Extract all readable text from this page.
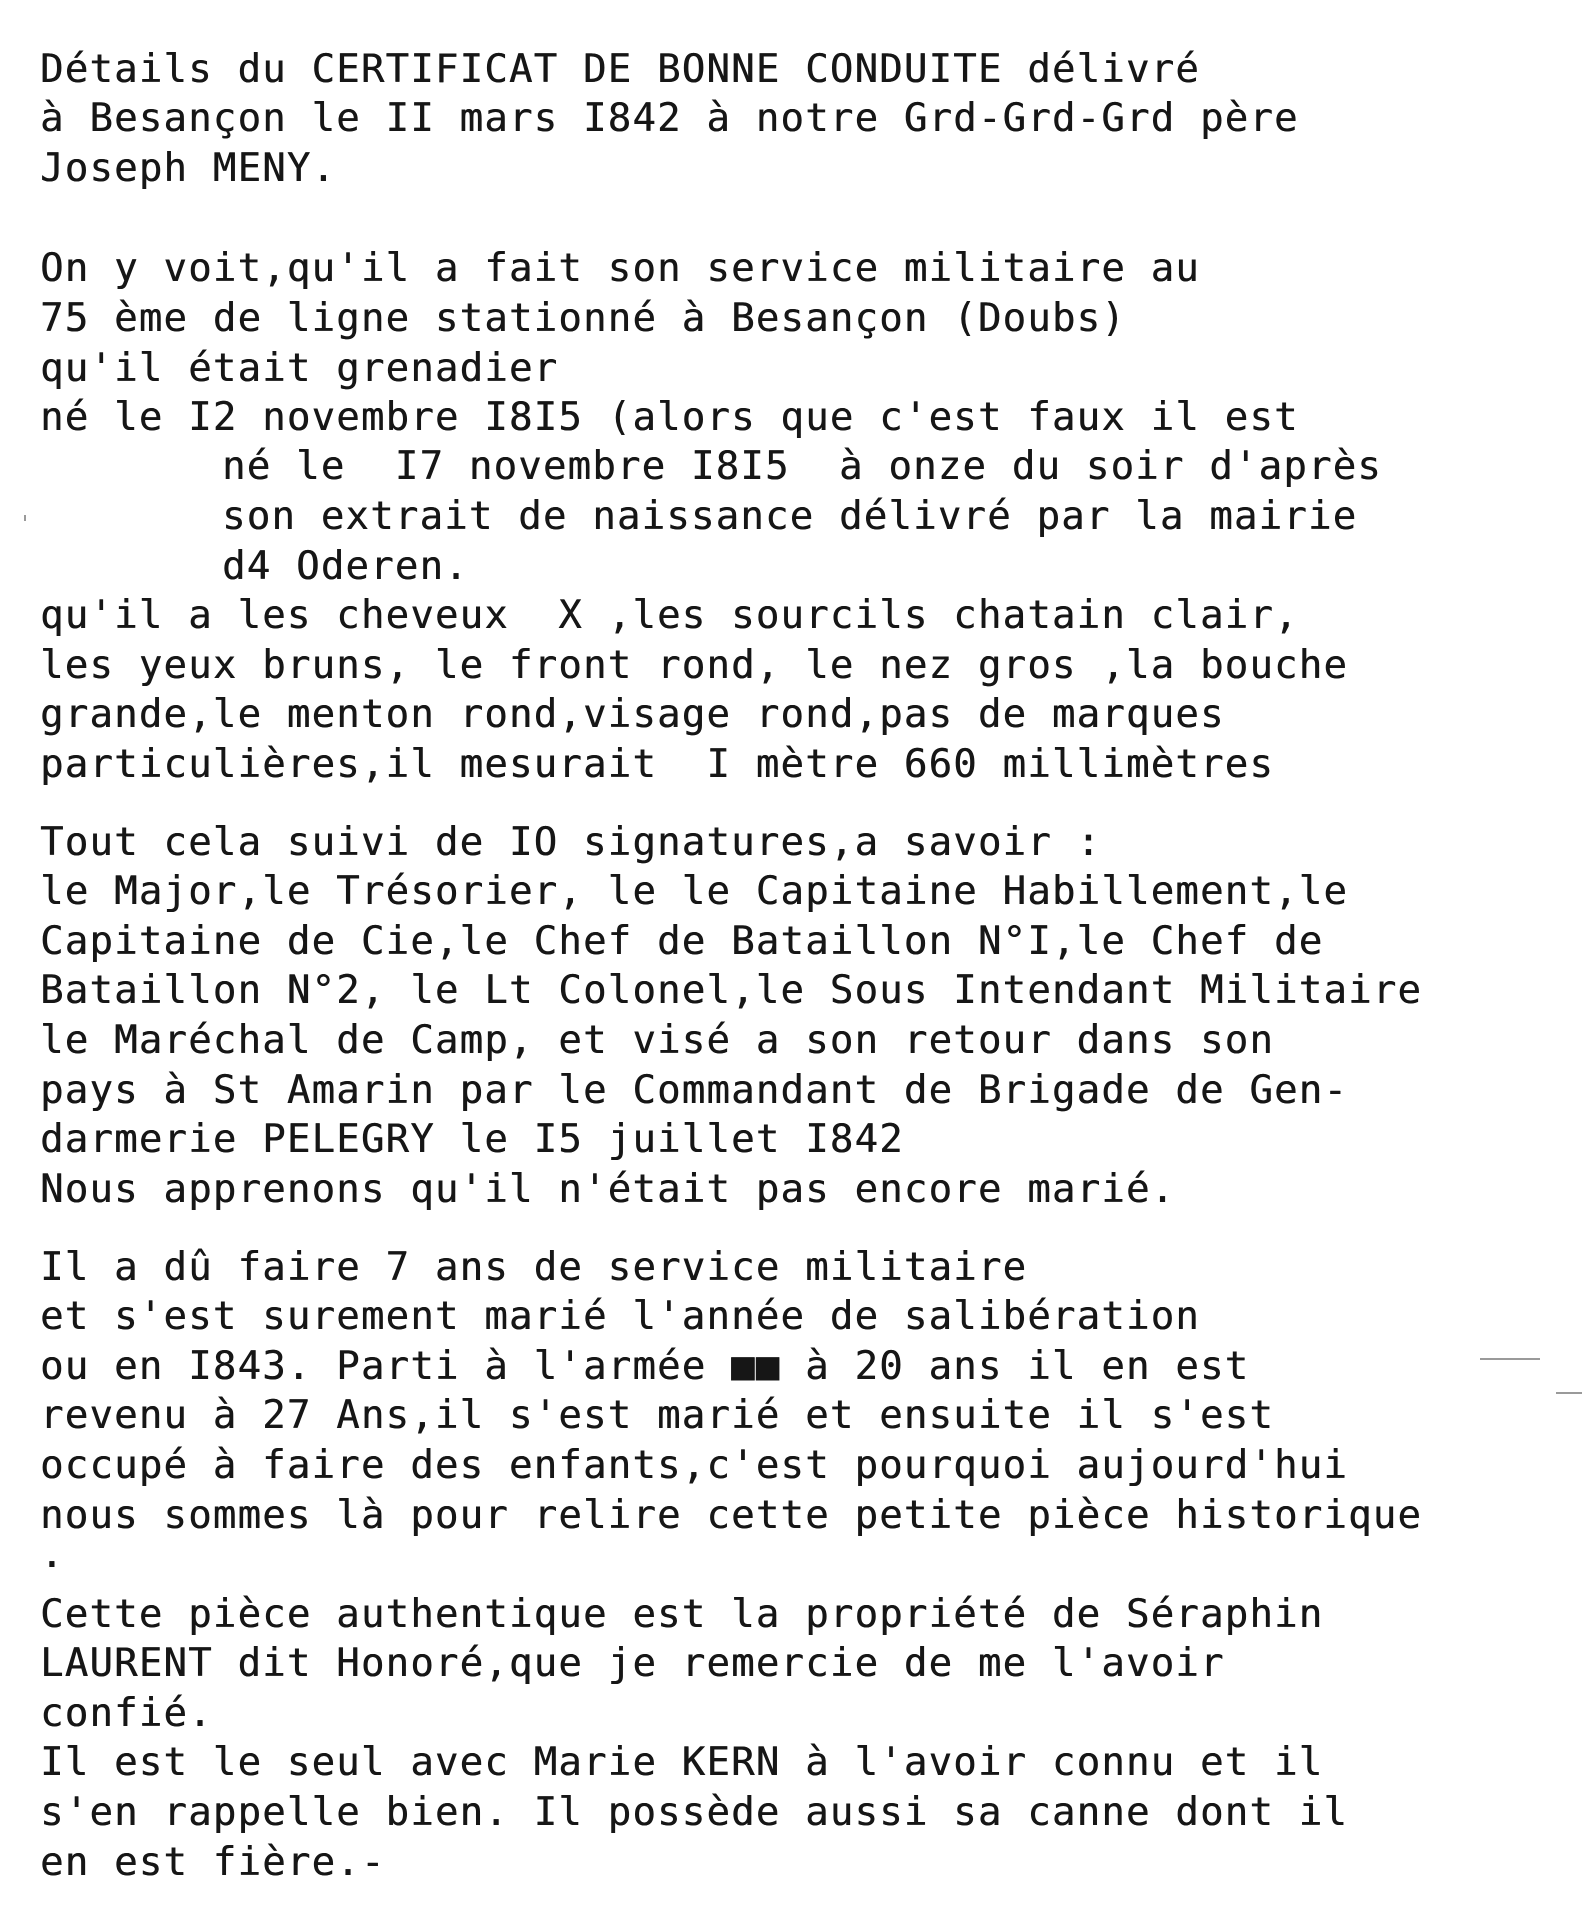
Détails du CERTIFICAT DE BONNE CONDUITE délivré
à Besançon le II mars I842 à notre Grd-Grd-Grd père
Joseph MENY.
On y voit,qu'il a fait son service militaire au
75 ème de ligne stationné à Besançon (Doubs)
qu'il était grenadier
né le I2 novembre I8I5 (alors que c'est faux il est
né le  I7 novembre I8I5  à onze du soir d'après
son extrait de naissance délivré par la mairie
d4 Oderen.
qu'il a les cheveux  X ,les sourcils chatain clair,
les yeux bruns, le front rond, le nez gros ,la bouche
grande,le menton rond,visage rond,pas de marques
particulières,il mesurait  I mètre 660 millimètres
Tout cela suivi de IO signatures,a savoir :
le Major,le Trésorier, le le Capitaine Habillement,le
Capitaine de Cie,le Chef de Bataillon N°I,le Chef de
Bataillon N°2, le Lt Colonel,le Sous Intendant Militaire
le Maréchal de Camp, et visé a son retour dans son
pays à St Amarin par le Commandant de Brigade de Gen-
darmerie PELEGRY le I5 juillet I842
Nous apprenons qu'il n'était pas encore marié.
Il a dû faire 7 ans de service militaire
et s'est surement marié l'année de salibération
ou en I843. Parti à l'armée ■■ à 20 ans il en est
revenu à 27 Ans,il s'est marié et ensuite il s'est
occupé à faire des enfants,c'est pourquoi aujourd'hui
nous sommes là pour relire cette petite pièce historique
.
Cette pièce authentique est la propriété de Séraphin
LAURENT dit Honoré,que je remercie de me l'avoir
confié.
Il est le seul avec Marie KERN à l'avoir connu et il
s'en rappelle bien. Il possède aussi sa canne dont il
en est fière.-
